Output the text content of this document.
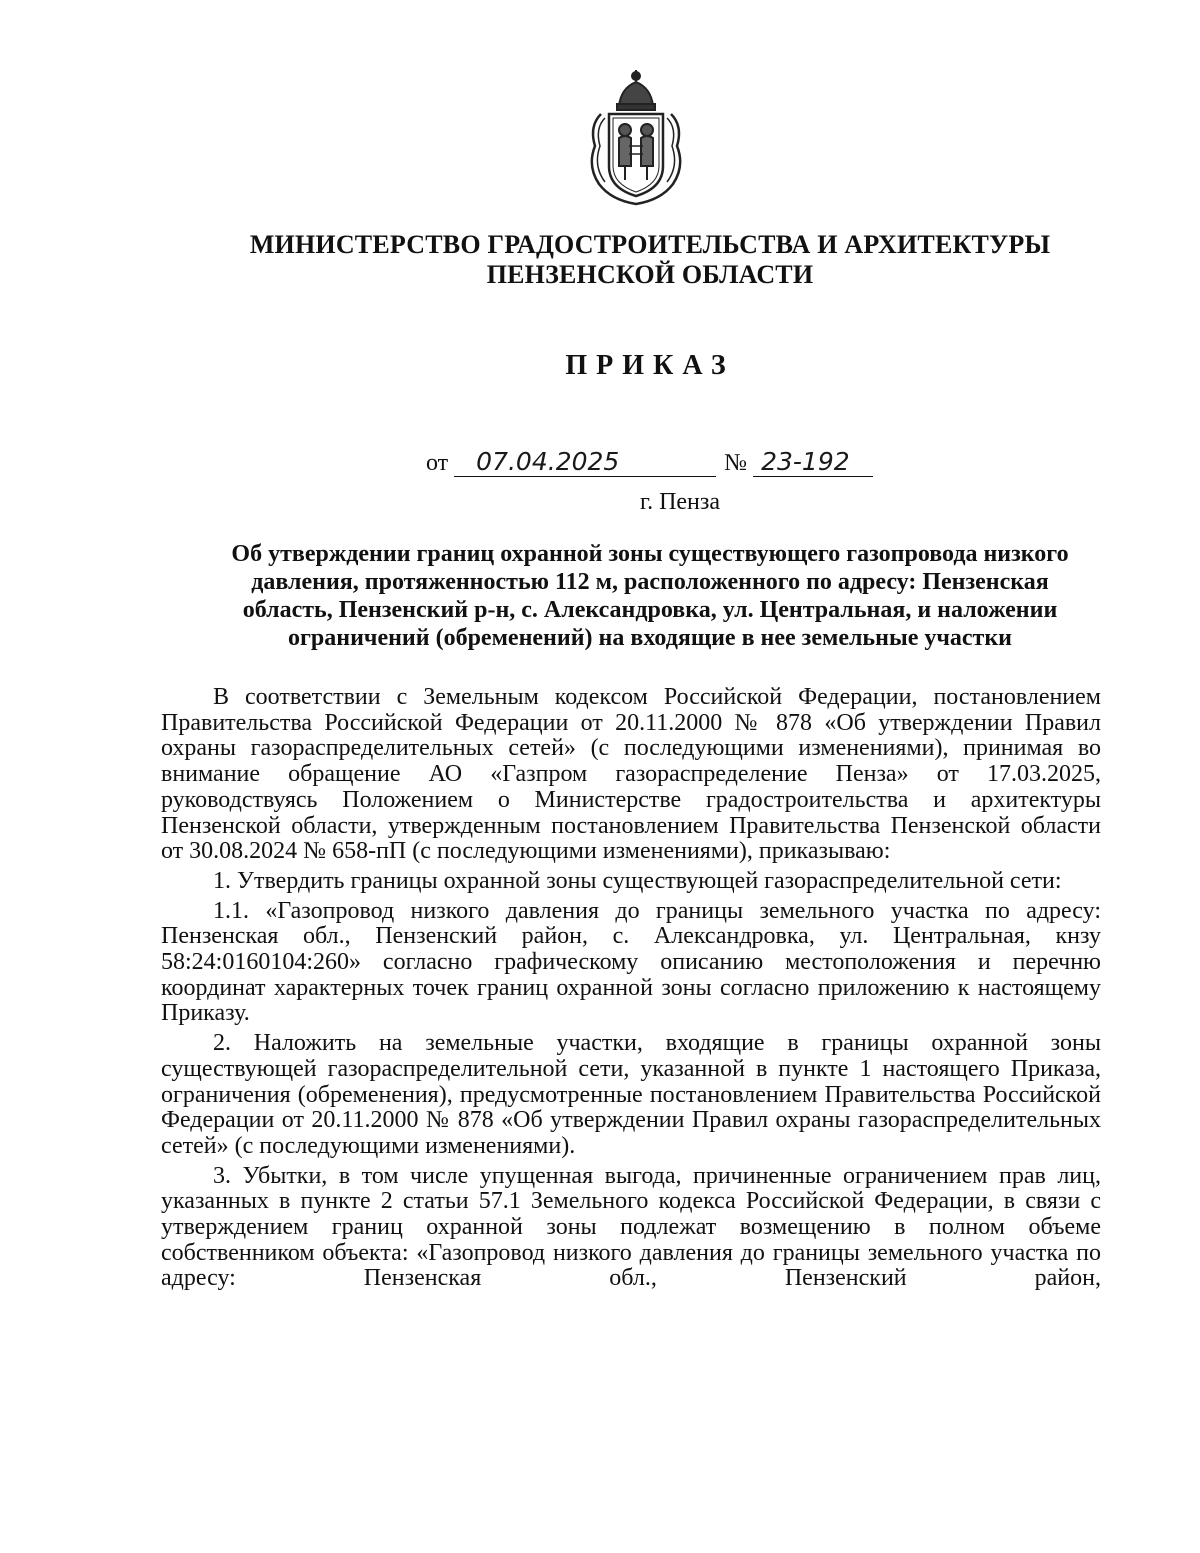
МИНИСТЕРСТВО ГРАДОСТРОИТЕЛЬСТВА И АРХИТЕКТУРЫ
ПЕНЗЕНСКОЙ ОБЛАСТИ
ПРИКАЗ
от 07.04.2025	№ 23-192
г. Пенза
Об утверждении границ охранной зоны существующего газопровода низкого
давления, протяженностью 112 м, расположенного по адресу: Пензенская
область, Пензенский р-н, с. Александровка, ул. Центральная, и наложении
ограничений (обременений) на входящие в нее земельные участки

В соответствии с Земельным кодексом Российской Федерации, постановлением Правительства Российской Федерации от 20.11.2000 № 878 «Об утверждении Правил охраны газораспределительных сетей» (с последующими изменениями), принимая во внимание обращение АО «Газпром газораспределение Пенза» от 17.03.2025, руководствуясь Положением о Министерстве градостроительства и архитектуры Пензенской области, утвержденным постановлением Правительства Пензенской области от 30.08.2024 № 658-пП (с последующими изменениями), приказываю:

1. Утвердить границы охранной зоны существующей газораспределительной сети:

1.1. «Газопровод низкого давления до границы земельного участка по адресу: Пензенская обл., Пензенский район, с. Александровка, ул. Центральная, кнзу 58:24:0160104:260» согласно графическому описанию местоположения и перечню координат характерных точек границ охранной зоны согласно приложению к настоящему Приказу.

2. Наложить на земельные участки, входящие в границы охранной зоны существующей газораспределительной сети, указанной в пункте 1 настоящего Приказа, ограничения (обременения), предусмотренные постановлением Правительства Российской Федерации от 20.11.2000 № 878 «Об утверждении Правил охраны газораспределительных сетей» (с последующими изменениями).

3. Убытки, в том числе упущенная выгода, причиненные ограничением прав лиц, указанных в пункте 2 статьи 57.1 Земельного кодекса Российской Федерации, в связи с утверждением границ охранной зоны подлежат возмещению в полном объеме собственником объекта: «Газопровод низкого давления до границы земельного участка по адресу: Пензенская обл., Пензенский район,
